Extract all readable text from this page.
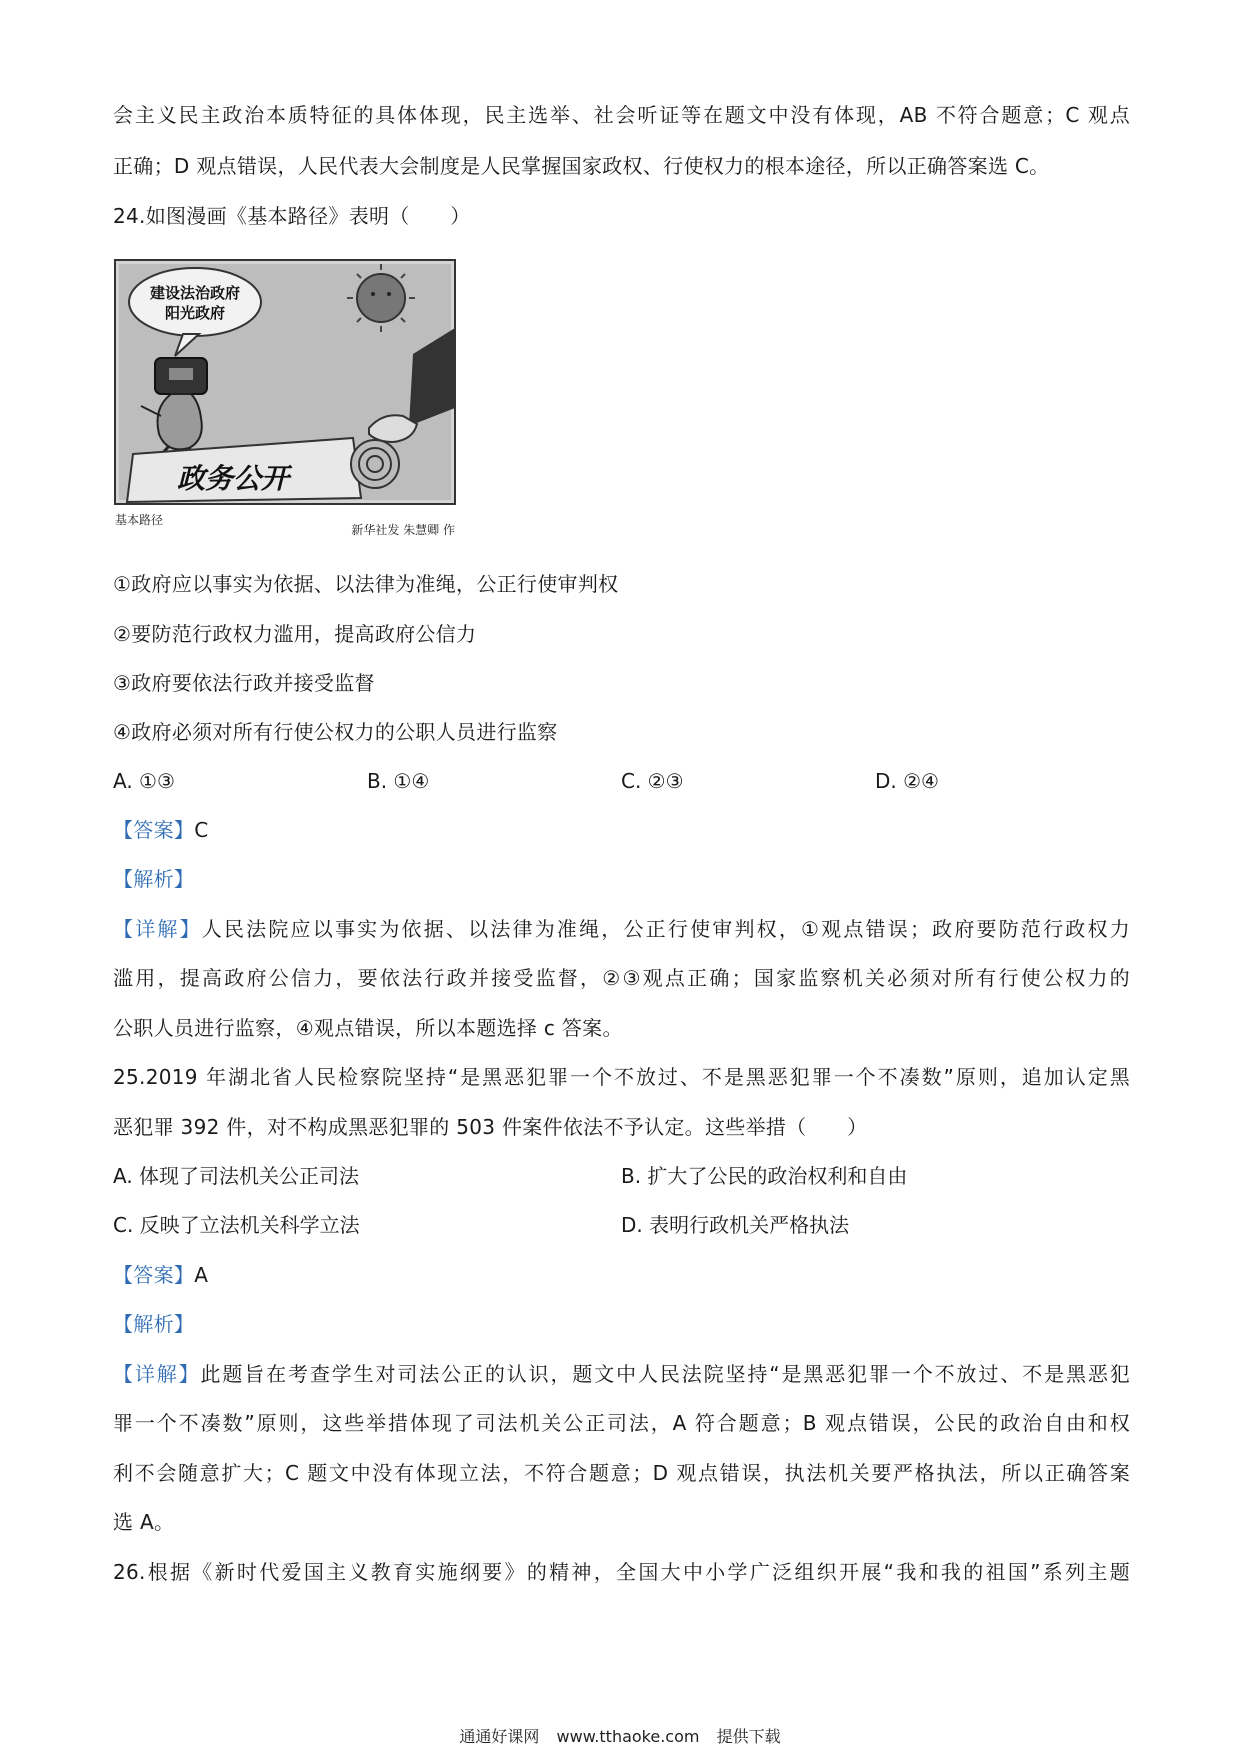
会主义民主政治本质特征的具体体现，民主选举、社会听证等在题文中没有体现，AB 不符合题意；C 观点
正确；D 观点错误，人民代表大会制度是人民掌握国家政权、行使权力的根本途径，所以正确答案选 C。
24.如图漫画《基本路径》表明（　　）
建设法治政府
阳光政府
政务公开
基本路径
新华社发 朱慧卿 作
①政府应以事实为依据、以法律为准绳，公正行使审判权
②要防范行政权力滥用，提高政府公信力
③政府要依法行政并接受监督
④政府必须对所有行使公权力的公职人员进行监察
A. ①③	B. ①④	C. ②③	D. ②④
【答案】C
【解析】
【详解】人民法院应以事实为依据、以法律为准绳，公正行使审判权，①观点错误；政府要防范行政权力
滥用，提高政府公信力，要依法行政并接受监督，②③观点正确；国家监察机关必须对所有行使公权力的
公职人员进行监察，④观点错误，所以本题选择 c 答案。
25.2019 年湖北省人民检察院坚持“是黑恶犯罪一个不放过、不是黑恶犯罪一个不凑数”原则，追加认定黑
恶犯罪 392 件，对不构成黑恶犯罪的 503 件案件依法不予认定。这些举措（　　）
A. 体现了司法机关公正司法	B. 扩大了公民的政治权利和自由
C. 反映了立法机关科学立法	D. 表明行政机关严格执法
【答案】A
【解析】
【详解】此题旨在考查学生对司法公正的认识，题文中人民法院坚持“是黑恶犯罪一个不放过、不是黑恶犯
罪一个不凑数”原则，这些举措体现了司法机关公正司法，A 符合题意；B 观点错误，公民的政治自由和权
利不会随意扩大；C 题文中没有体现立法，不符合题意；D 观点错误，执法机关要严格执法，所以正确答案
选 A。
26.根据《新时代爱国主义教育实施纲要》的精神，全国大中小学广泛组织开展“我和我的祖国”系列主题
通通好课网 www.tthaoke.com 提供下载
